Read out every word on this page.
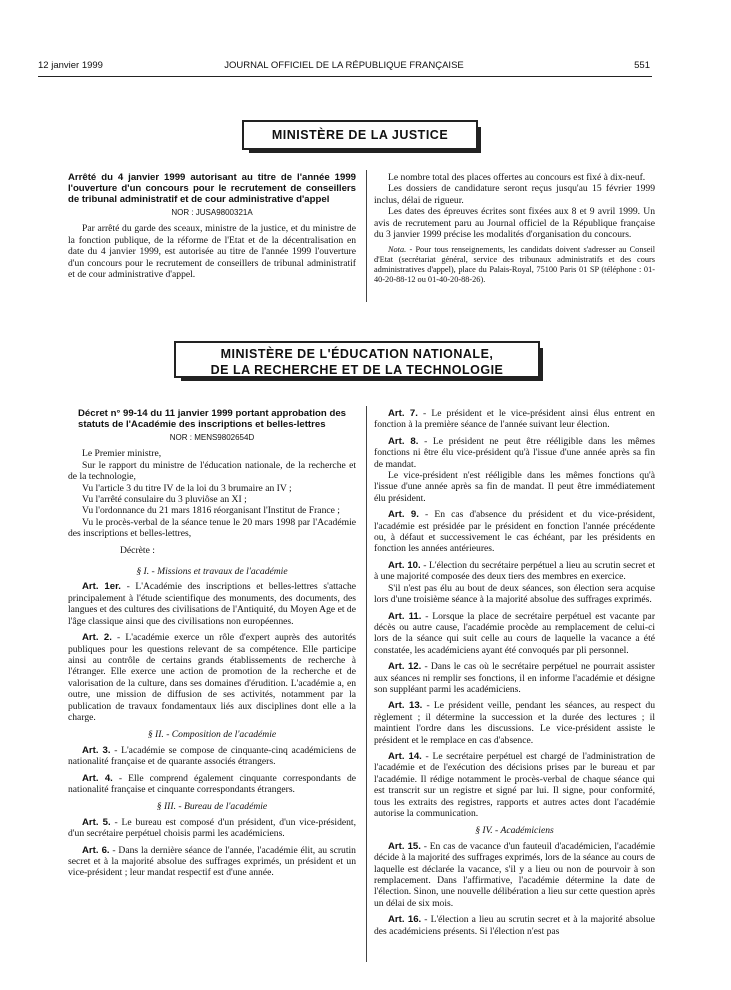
12 janvier 1999	JOURNAL OFFICIEL DE LA RÉPUBLIQUE FRANÇAISE	551
MINISTÈRE DE LA JUSTICE
Arrêté du 4 janvier 1999 autorisant au titre de l'année 1999 l'ouverture d'un concours pour le recrutement de conseillers de tribunal administratif et de cour administrative d'appel
NOR : JUSA9800321A

Par arrêté du garde des sceaux, ministre de la justice, et du ministre de la fonction publique, de la réforme de l'Etat et de la décentralisation en date du 4 janvier 1999, est autorisée au titre de l'année 1999 l'ouverture d'un concours pour le recrutement de conseillers de tribunal administratif et de cour administrative d'appel.

Le nombre total des places offertes au concours est fixé à dix-neuf.

Les dossiers de candidature seront reçus jusqu'au 15 février 1999 inclus, délai de rigueur.

Les dates des épreuves écrites sont fixées aux 8 et 9 avril 1999. Un avis de recrutement paru au Journal officiel de la République française du 3 janvier 1999 précise les modalités d'organisation du concours.

Nota. - Pour tous renseignements, les candidats doivent s'adresser au Conseil d'Etat (secrétariat général, service des tribunaux administratifs et des cours administratives d'appel), place du Palais-Royal, 75100 Paris 01 SP (téléphone : 01-40-20-88-12 ou 01-40-20-88-26).

MINISTÈRE DE L'ÉDUCATION NATIONALE,
DE LA RECHERCHE ET DE LA TECHNOLOGIE
Décret n° 99-14 du 11 janvier 1999 portant approbation des statuts de l'Académie des inscriptions et belles-lettres
NOR : MENS9802654D

Le Premier ministre,

Sur le rapport du ministre de l'éducation nationale, de la recherche et de la technologie,

Vu l'article 3 du titre IV de la loi du 3 brumaire an IV ;

Vu l'arrêté consulaire du 3 pluviôse an XI ;

Vu l'ordonnance du 21 mars 1816 réorganisant l'Institut de France ;

Vu le procès-verbal de la séance tenue le 20 mars 1998 par l'Académie des inscriptions et belles-lettres,

Décrète :

§ I. - Missions et travaux de l'académie

Art. 1er. - L'Académie des inscriptions et belles-lettres s'attache principalement à l'étude scientifique des monuments, des documents, des langues et des cultures des civilisations de l'Antiquité, du Moyen Age et de l'âge classique ainsi que des civilisations non européennes.

Art. 2. - L'académie exerce un rôle d'expert auprès des autorités publiques pour les questions relevant de sa compétence. Elle participe ainsi au contrôle de certains grands établissements de recherche à l'étranger. Elle exerce une action de promotion de la recherche et de valorisation de la culture, dans ses domaines d'érudition. L'académie a, en outre, une mission de diffusion de ses activités, notamment par la publication de travaux fondamentaux liés aux disciplines dont elle a la charge.

§ II. - Composition de l'académie

Art. 3. - L'académie se compose de cinquante-cinq académiciens de nationalité française et de quarante associés étrangers.

Art. 4. - Elle comprend également cinquante correspondants de nationalité française et cinquante correspondants étrangers.

§ III. - Bureau de l'académie

Art. 5. - Le bureau est composé d'un président, d'un vice-président, d'un secrétaire perpétuel choisis parmi les académiciens.

Art. 6. - Dans la dernière séance de l'année, l'académie élit, au scrutin secret et à la majorité absolue des suffrages exprimés, un président et un vice-président ; leur mandat respectif est d'une année.

Art. 7. - Le président et le vice-président ainsi élus entrent en fonction à la première séance de l'année suivant leur élection.

Art. 8. - Le président ne peut être rééligible dans les mêmes fonctions ni être élu vice-président qu'à l'issue d'une année après sa fin de mandat.

Le vice-président n'est rééligible dans les mêmes fonctions qu'à l'issue d'une année après sa fin de mandat. Il peut être immédiatement élu président.

Art. 9. - En cas d'absence du président et du vice-président, l'académie est présidée par le président en fonction l'année précédente ou, à défaut et successivement le cas échéant, par les présidents en fonction les années antérieures.

Art. 10. - L'élection du secrétaire perpétuel a lieu au scrutin secret et à une majorité composée des deux tiers des membres en exercice.

S'il n'est pas élu au bout de deux séances, son élection sera acquise lors d'une troisième séance à la majorité absolue des suffrages exprimés.

Art. 11. - Lorsque la place de secrétaire perpétuel est vacante par décès ou autre cause, l'académie procède au remplacement de celui-ci lors de la séance qui suit celle au cours de laquelle la vacance a été constatée, les académiciens ayant été convoqués par pli personnel.

Art. 12. - Dans le cas où le secrétaire perpétuel ne pourrait assister aux séances ni remplir ses fonctions, il en informe l'académie et désigne son suppléant parmi les académiciens.

Art. 13. - Le président veille, pendant les séances, au respect du règlement ; il détermine la succession et la durée des lectures ; il maintient l'ordre dans les discussions. Le vice-président assiste le président et le remplace en cas d'absence.

Art. 14. - Le secrétaire perpétuel est chargé de l'administration de l'académie et de l'exécution des décisions prises par le bureau et par l'académie. Il rédige notamment le procès-verbal de chaque séance qui est transcrit sur un registre et signé par lui. Il signe, pour conformité, tous les extraits des registres, rapports et autres actes dont l'académie autorise la communication.

§ IV. - Académiciens

Art. 15. - En cas de vacance d'un fauteuil d'académicien, l'académie décide à la majorité des suffrages exprimés, lors de la séance au cours de laquelle est déclarée la vacance, s'il y a lieu ou non de pourvoir à son remplacement. Dans l'affirmative, l'académie détermine la date de l'élection. Sinon, une nouvelle délibération a lieu sur cette question après un délai de six mois.

Art. 16. - L'élection a lieu au scrutin secret et à la majorité absolue des académiciens présents. Si l'élection n'est pas
